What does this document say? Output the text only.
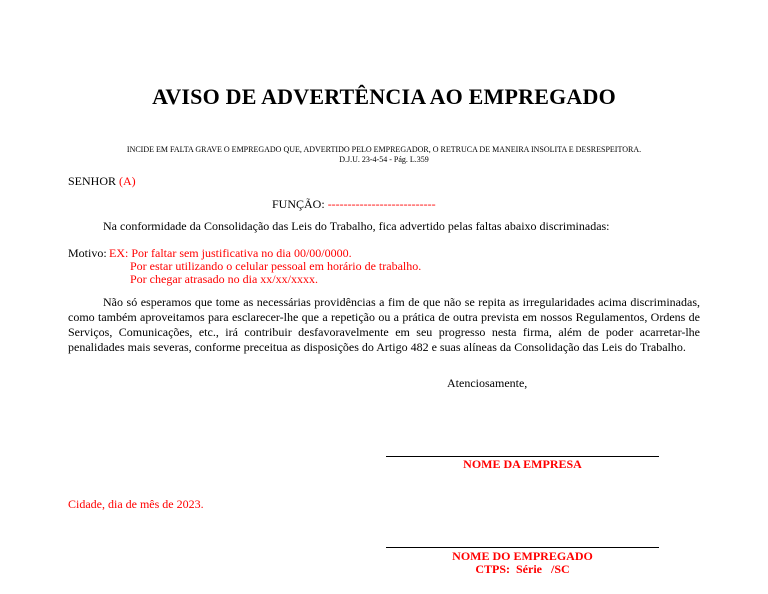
AVISO DE ADVERTÊNCIA AO EMPREGADO
INCIDE EM FALTA GRAVE O EMPREGADO QUE, ADVERTIDO PELO EMPREGADOR, O RETRUCA DE MANEIRA INSOLITA E DESRESPEITORA.
D.J.U. 23-4-54 - Pág. L.359
SENHOR (A)
FUNÇÃO: ---------------------------
Na conformidade da Consolidação das Leis do Trabalho, fica advertido pelas faltas abaixo discriminadas:
Motivo: EX: Por faltar sem justificativa no dia 00/00/0000.
Por estar utilizando o celular pessoal em horário de trabalho.
Por chegar atrasado no dia xx/xx/xxxx.
Não só esperamos que tome as necessárias providências a fim de que não se repita as irregularidades acima discriminadas, como também aproveitamos para esclarecer-lhe que a repetição ou a prática de outra prevista em nossos Regulamentos, Ordens de Serviços, Comunicações, etc., irá contribuir desfavoravelmente em seu progresso nesta firma, além de poder acarretar-lhe penalidades mais severas, conforme preceitua as disposições do Artigo 482 e suas alíneas da Consolidação das Leis do Trabalho.
Atenciosamente,
NOME DA EMPRESA
Cidade, dia de mês de 2023.
NOME DO EMPREGADO
CTPS:  Série   /SC
